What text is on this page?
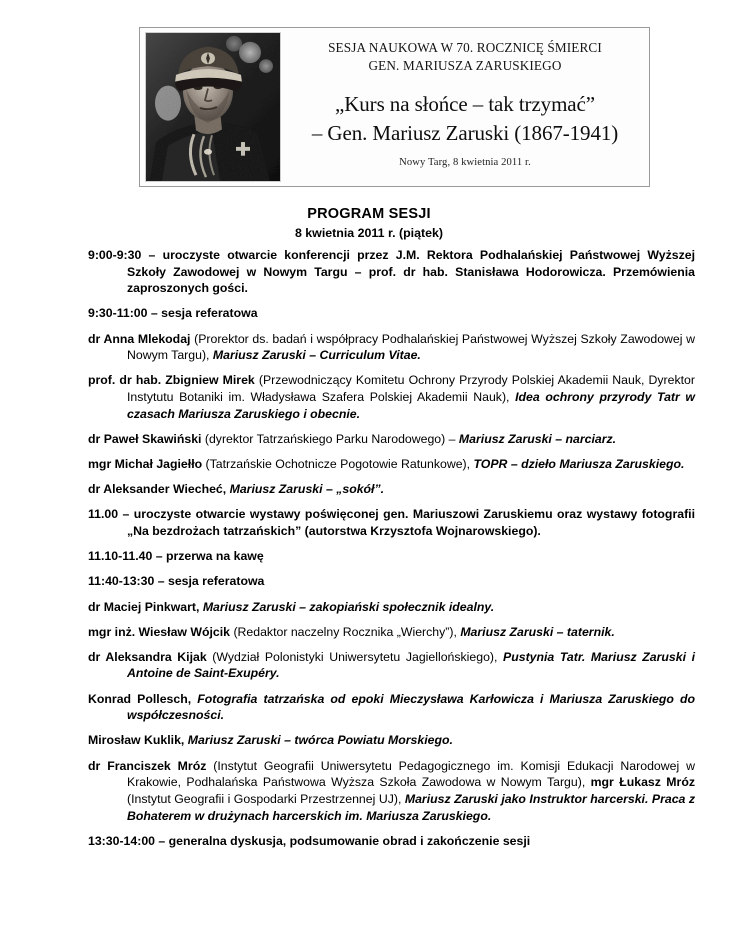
SESJA NAUKOWA W 70. ROCZNICĘ ŚMIERCI
GEN. MARIUSZA ZARUSKIEGO
„Kurs na słońce – tak trzymać”
– Gen. Mariusz Zaruski (1867-1941)
Nowy Targ, 8 kwietnia 2011 r.
PROGRAM SESJI
8 kwietnia 2011 r. (piątek)
9:00-9:30 – uroczyste otwarcie konferencji przez J.M. Rektora Podhalańskiej Państwowej Wyższej Szkoły Zawodowej w Nowym Targu – prof. dr hab. Stanisława Hodorowicza. Przemówienia zaproszonych gości.
9:30-11:00 – sesja referatowa
dr Anna Mlekodaj (Prorektor ds. badań i współpracy Podhalańskiej Państwowej Wyższej Szkoły Zawodowej w Nowym Targu), Mariusz Zaruski – Curriculum Vitae.
prof. dr hab. Zbigniew Mirek (Przewodniczący Komitetu Ochrony Przyrody Polskiej Akademii Nauk, Dyrektor Instytutu Botaniki im. Władysława Szafera Polskiej Akademii Nauk), Idea ochrony przyrody Tatr w czasach Mariusza Zaruskiego i obecnie.
dr Paweł Skawiński (dyrektor Tatrzańskiego Parku Narodowego) – Mariusz Zaruski – narciarz.
mgr Michał Jagiełło (Tatrzańskie Ochotnicze Pogotowie Ratunkowe), TOPR – dzieło Mariusza Zaruskiego.
dr Aleksander Wiecheć, Mariusz Zaruski – „sokół”.
11.00 – uroczyste otwarcie wystawy poświęconej gen. Mariuszowi Zaruskiemu oraz wystawy fotografii „Na bezdrożach tatrzańskich” (autorstwa Krzysztofa Wojnarowskiego).
11.10-11.40 – przerwa na kawę
11:40-13:30 – sesja referatowa
dr Maciej Pinkwart, Mariusz Zaruski – zakopiański społecznik idealny.
mgr inż. Wiesław Wójcik (Redaktor naczelny Rocznika „Wierchy”), Mariusz Zaruski – taternik.
dr Aleksandra Kijak (Wydział Polonistyki Uniwersytetu Jagiellońskiego), Pustynia Tatr. Mariusz Zaruski i Antoine de Saint-Exupéry.
Konrad Pollesch, Fotografia tatrzańska od epoki Mieczysława Karłowicza i Mariusza Zaruskiego do współczesności.
Mirosław Kuklik, Mariusz Zaruski – twórca Powiatu Morskiego.
dr Franciszek Mróz (Instytut Geografii Uniwersytetu Pedagogicznego im. Komisji Edukacji Narodowej w Krakowie, Podhalańska Państwowa Wyższa Szkoła Zawodowa w Nowym Targu), mgr Łukasz Mróz (Instytut Geografii i Gospodarki Przestrzennej UJ), Mariusz Zaruski jako Instruktor harcerski. Praca z Bohaterem w drużynach harcerskich im. Mariusza Zaruskiego.
13:30-14:00 – generalna dyskusja, podsumowanie obrad i zakończenie sesji
